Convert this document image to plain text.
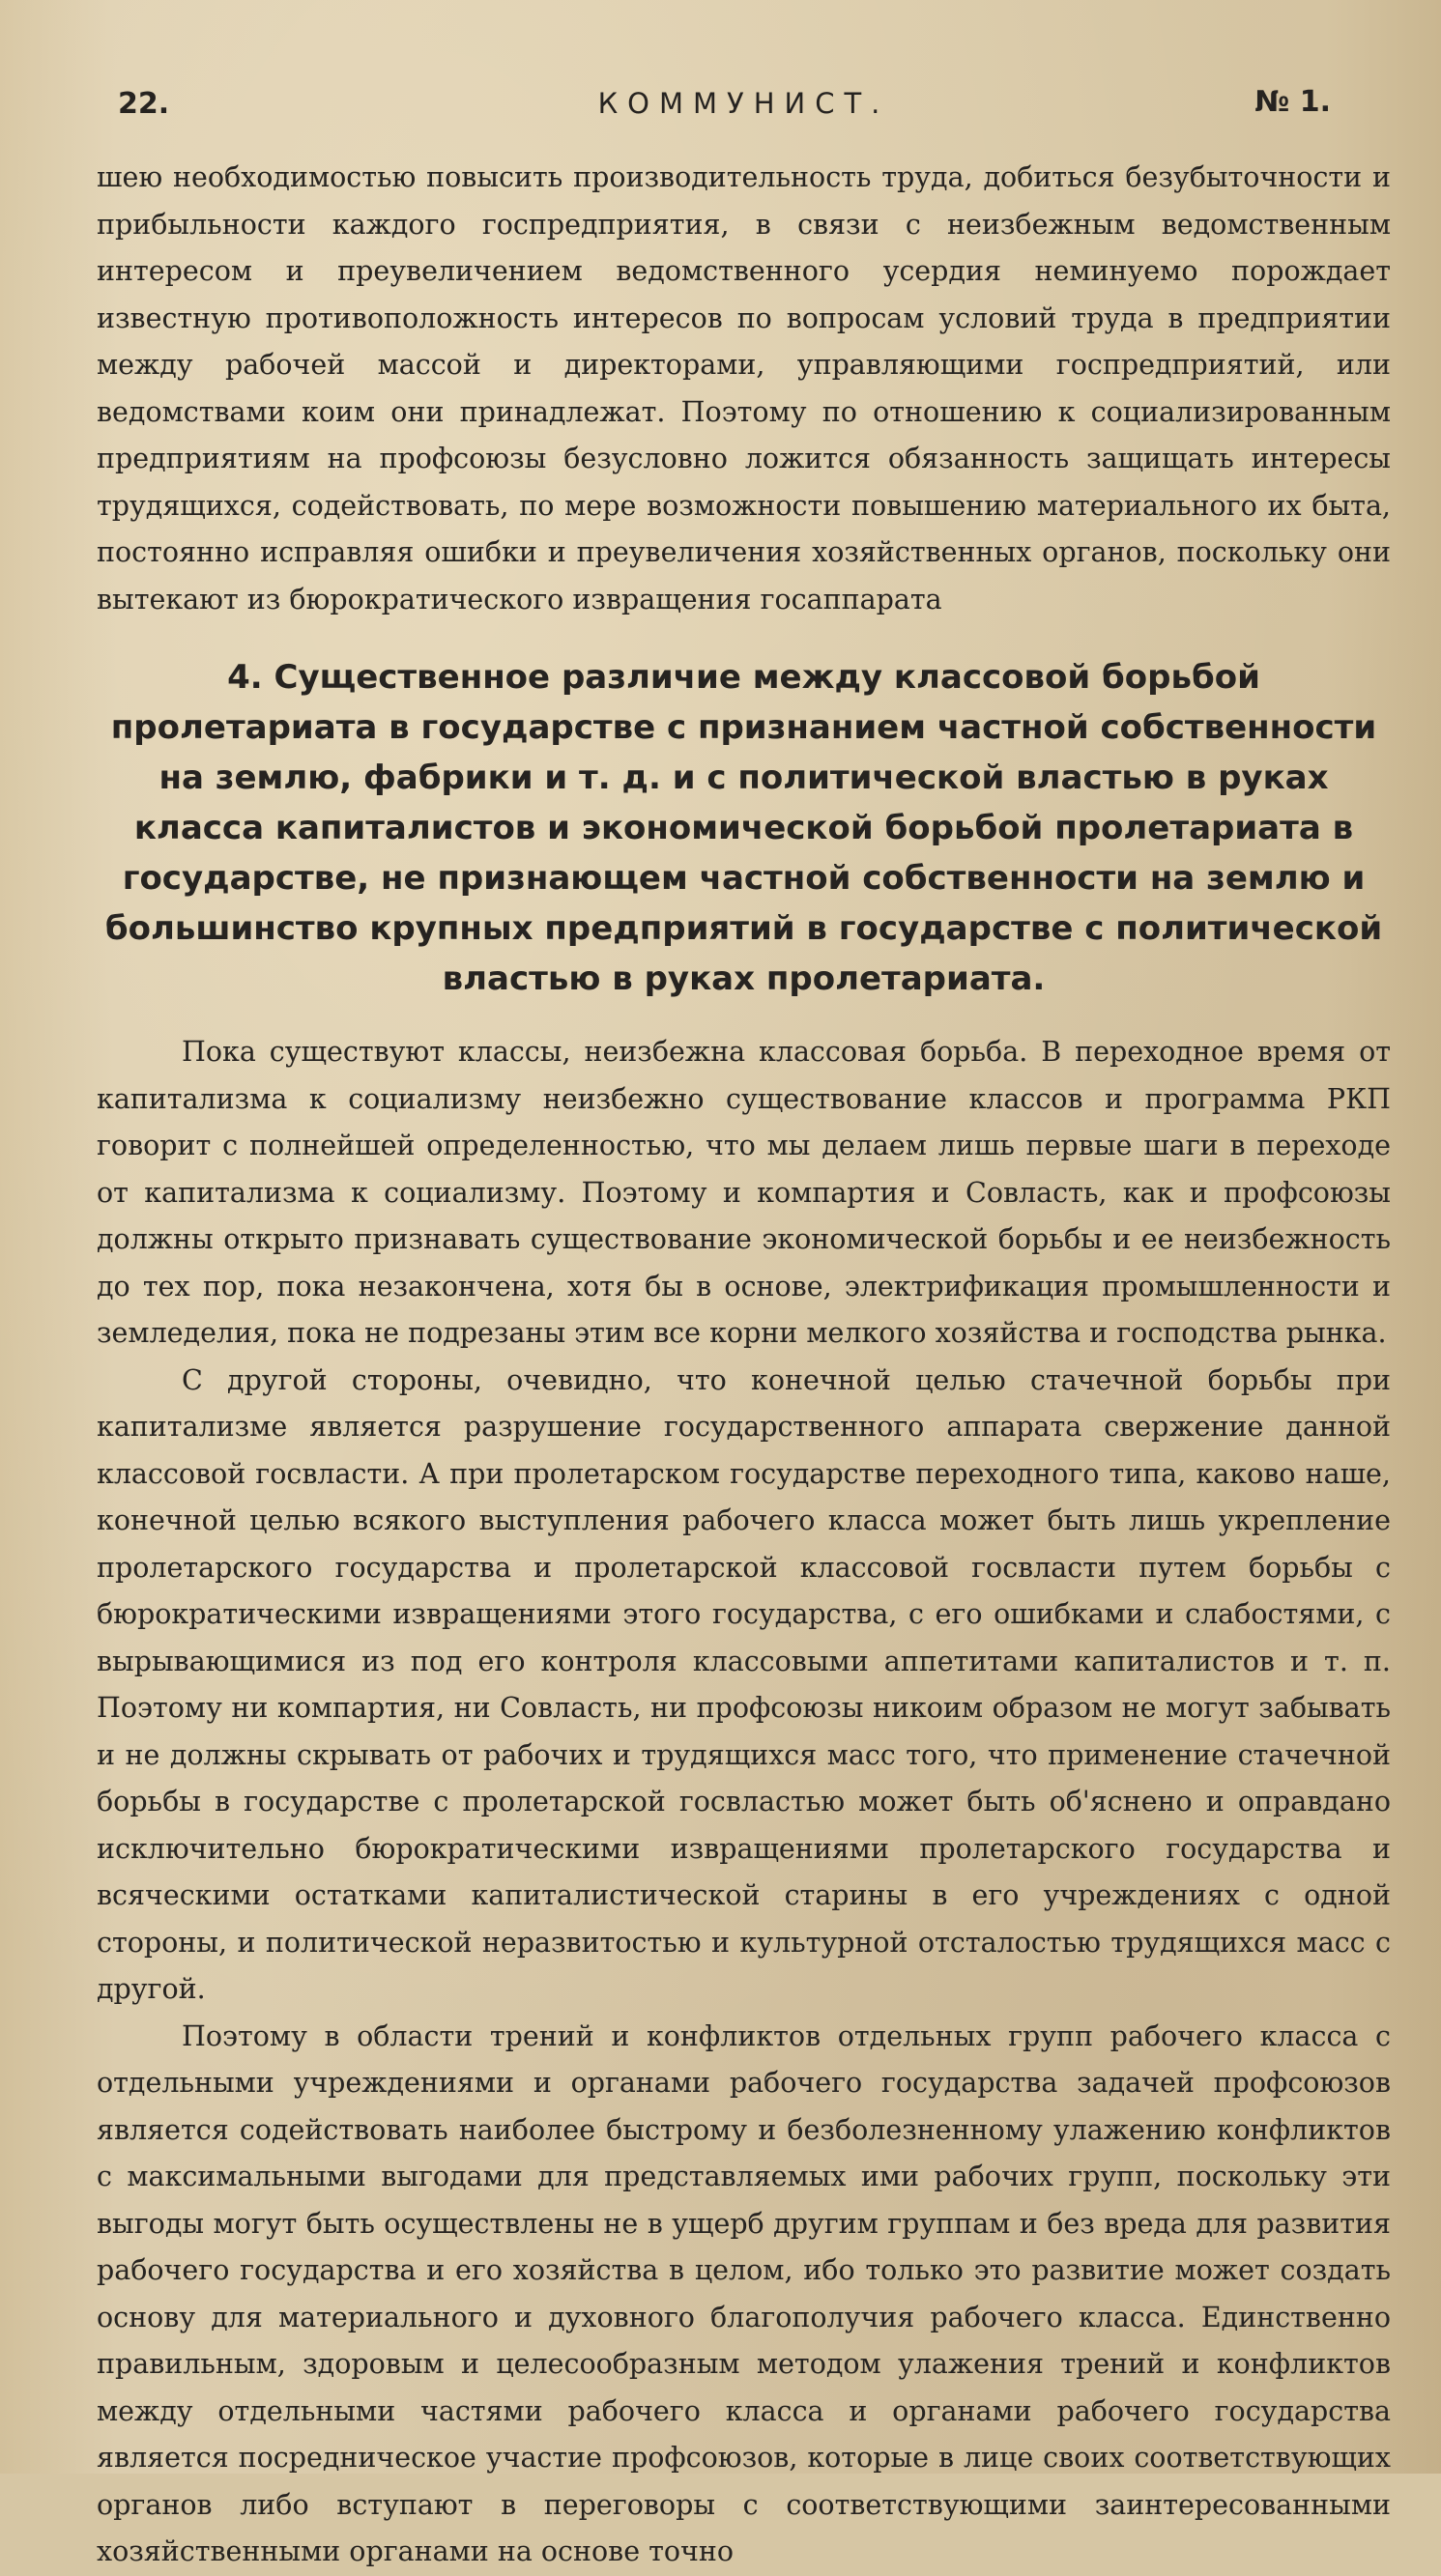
22.	КОММУНИСТ.	№ 1.

шею необходимостью повысить производительность труда, добиться безубыточности и прибыльности каждого госпредприятия, в связи с неизбежным ведомственным интересом и преувеличением ведомственного усердия неминуемо порождает известную противоположность интересов по вопросам условий труда в предприятии между рабочей массой и директорами, управляющими госпредприятий, или ведомствами коим они принадлежат. Поэтому по отношению к социализированным предприятиям на профсоюзы безусловно ложится обязанность защищать интересы трудящихся, содействовать, по мере возможности повышению материального их быта, постоянно исправляя ошибки и преувеличения хозяйственных органов, поскольку они вытекают из бюрократического извращения госаппарата

4. Существенное различие между классовой борьбой пролетариата в государстве с признанием частной собственности на землю, фабрики и т. д. и с политической властью в руках класса капиталистов и экономической борьбой пролетариата в государстве, не признающем частной собственности на землю и большинство крупных предприятий в государстве с политической властью в руках пролетариата.

Пока существуют классы, неизбежна классовая борьба. В переходное время от капитализма к социализму неизбежно существование классов и программа РКП говорит с полнейшей определенностью, что мы делаем лишь первые шаги в переходе от капитализма к социализму. Поэтому и компартия и Совласть, как и профсоюзы должны открыто признавать существование экономической борьбы и ее неизбежность до тех пор, пока незакончена, хотя бы в основе, электрификация промышленности и земледелия, пока не подрезаны этим все корни мелкого хозяйства и господства рынка.

С другой стороны, очевидно, что конечной целью стачечной борьбы при капитализме является разрушение государственного аппарата свержение данной классовой госвласти. А при пролетарском государстве переходного типа, каково наше, конечной целью всякого выступления рабочего класса может быть лишь укрепление пролетарского государства и пролетарской классовой госвласти путем борьбы с бюрократическими извращениями этого государства, с его ошибками и слабостями, с вырывающимися из под его контроля классовыми аппетитами капиталистов и т. п. Поэтому ни компартия, ни Совласть, ни профсоюзы никоим образом не могут забывать и не должны скрывать от рабочих и трудящихся масс того, что применение стачечной борьбы в государстве с пролетарской госвластью может быть об'яснено и оправдано исключительно бюрократическими извращениями пролетарского государства и всяческими остатками капиталистической старины в его учреждениях с одной стороны, и политической неразвитостью и культурной отсталостью трудящихся масс с другой.

Поэтому в области трений и конфликтов отдельных групп рабочего класса с отдельными учреждениями и органами рабочего государства задачей профсоюзов является содействовать наиболее быстрому и безболезненному улажению конфликтов с максимальными выгодами для представляемых ими рабочих групп, поскольку эти выгоды могут быть осуществлены не в ущерб другим группам и без вреда для развития рабочего государства и его хозяйства в целом, ибо только это развитие может создать основу для материального и духовного благополучия рабочего класса. Единственно правильным, здоровым и целесообразным методом улажения трений и конфликтов между отдельными частями рабочего класса и органами рабочего государства является посредническое участие профсоюзов, которые в лице своих соответствующих органов либо вступают в переговоры с соответствующими заинтересованными хозяйственными органами на основе точно
